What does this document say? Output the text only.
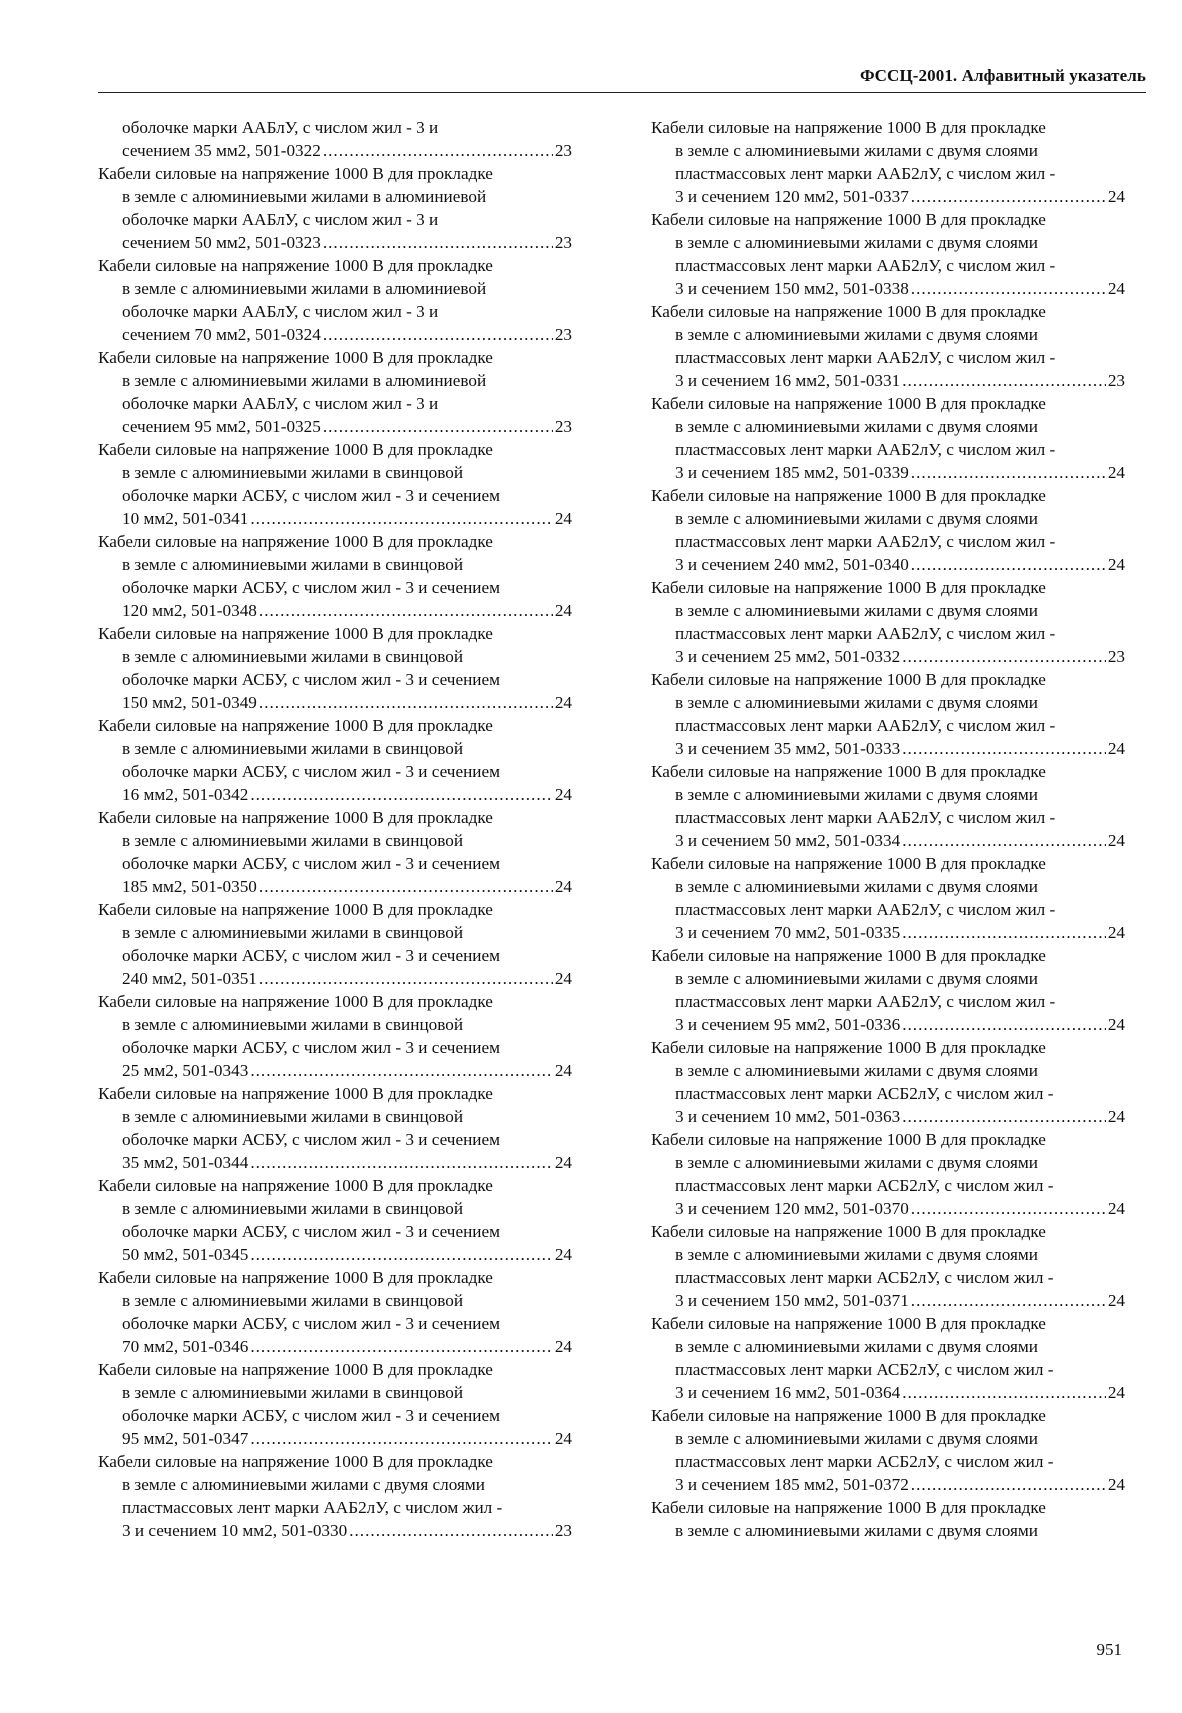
ФССЦ-2001. Алфавитный указатель
оболочке марки ААБлУ, с числом жил - 3 и
сечением 35 мм2, 501-0322 .....	23
Кабели силовые на напряжение 1000 В для прокладке
в земле с алюминиевыми жилами в алюминиевой
оболочке марки ААБлУ, с числом жил - 3 и
сечением 50 мм2, 501-0323 .....	23
Кабели силовые на напряжение 1000 В для прокладке
в земле с алюминиевыми жилами в алюминиевой
оболочке марки ААБлУ, с числом жил - 3 и
сечением 70 мм2, 501-0324 .....	23
Кабели силовые на напряжение 1000 В для прокладке
в земле с алюминиевыми жилами в алюминиевой
оболочке марки ААБлУ, с числом жил - 3 и
сечением 95 мм2, 501-0325 .....	23
Кабели силовые на напряжение 1000 В для прокладке
в земле с алюминиевыми жилами в свинцовой
оболочке марки АСБУ, с числом жил - 3 и сечением
10 мм2, 501-0341 .....	24
Кабели силовые на напряжение 1000 В для прокладке
в земле с алюминиевыми жилами в свинцовой
оболочке марки АСБУ, с числом жил - 3 и сечением
120 мм2, 501-0348 .....	24
Кабели силовые на напряжение 1000 В для прокладке
в земле с алюминиевыми жилами в свинцовой
оболочке марки АСБУ, с числом жил - 3 и сечением
150 мм2, 501-0349 .....	24
Кабели силовые на напряжение 1000 В для прокладке
в земле с алюминиевыми жилами в свинцовой
оболочке марки АСБУ, с числом жил - 3 и сечением
16 мм2, 501-0342 .....	24
Кабели силовые на напряжение 1000 В для прокладке
в земле с алюминиевыми жилами в свинцовой
оболочке марки АСБУ, с числом жил - 3 и сечением
185 мм2, 501-0350 .....	24
Кабели силовые на напряжение 1000 В для прокладке
в земле с алюминиевыми жилами в свинцовой
оболочке марки АСБУ, с числом жил - 3 и сечением
240 мм2, 501-0351 .....	24
Кабели силовые на напряжение 1000 В для прокладке
в земле с алюминиевыми жилами в свинцовой
оболочке марки АСБУ, с числом жил - 3 и сечением
25 мм2, 501-0343 .....	24
Кабели силовые на напряжение 1000 В для прокладке
в земле с алюминиевыми жилами в свинцовой
оболочке марки АСБУ, с числом жил - 3 и сечением
35 мм2, 501-0344 .....	24
Кабели силовые на напряжение 1000 В для прокладке
в земле с алюминиевыми жилами в свинцовой
оболочке марки АСБУ, с числом жил - 3 и сечением
50 мм2, 501-0345 .....	24
Кабели силовые на напряжение 1000 В для прокладке
в земле с алюминиевыми жилами в свинцовой
оболочке марки АСБУ, с числом жил - 3 и сечением
70 мм2, 501-0346 .....	24
Кабели силовые на напряжение 1000 В для прокладке
в земле с алюминиевыми жилами в свинцовой
оболочке марки АСБУ, с числом жил - 3 и сечением
95 мм2, 501-0347 .....	24
Кабели силовые на напряжение 1000 В для прокладке
в земле с алюминиевыми жилами с двумя слоями
пластмассовых лент марки ААБ2лУ, с числом жил -
3 и сечением 10 мм2, 501-0330 .....	23
Кабели силовые на напряжение 1000 В для прокладке
в земле с алюминиевыми жилами с двумя слоями
пластмассовых лент марки ААБ2лУ, с числом жил -
3 и сечением 120 мм2, 501-0337 .....	24
Кабели силовые на напряжение 1000 В для прокладке
в земле с алюминиевыми жилами с двумя слоями
пластмассовых лент марки ААБ2лУ, с числом жил -
3 и сечением 150 мм2, 501-0338 .....	24
Кабели силовые на напряжение 1000 В для прокладке
в земле с алюминиевыми жилами с двумя слоями
пластмассовых лент марки ААБ2лУ, с числом жил -
3 и сечением 16 мм2, 501-0331 .....	23
Кабели силовые на напряжение 1000 В для прокладке
в земле с алюминиевыми жилами с двумя слоями
пластмассовых лент марки ААБ2лУ, с числом жил -
3 и сечением 185 мм2, 501-0339 .....	24
Кабели силовые на напряжение 1000 В для прокладке
в земле с алюминиевыми жилами с двумя слоями
пластмассовых лент марки ААБ2лУ, с числом жил -
3 и сечением 240 мм2, 501-0340 .....	24
Кабели силовые на напряжение 1000 В для прокладке
в земле с алюминиевыми жилами с двумя слоями
пластмассовых лент марки ААБ2лУ, с числом жил -
3 и сечением 25 мм2, 501-0332 .....	23
Кабели силовые на напряжение 1000 В для прокладке
в земле с алюминиевыми жилами с двумя слоями
пластмассовых лент марки ААБ2лУ, с числом жил -
3 и сечением 35 мм2, 501-0333 .....	24
Кабели силовые на напряжение 1000 В для прокладке
в земле с алюминиевыми жилами с двумя слоями
пластмассовых лент марки ААБ2лУ, с числом жил -
3 и сечением 50 мм2, 501-0334 .....	24
Кабели силовые на напряжение 1000 В для прокладке
в земле с алюминиевыми жилами с двумя слоями
пластмассовых лент марки ААБ2лУ, с числом жил -
3 и сечением 70 мм2, 501-0335 .....	24
Кабели силовые на напряжение 1000 В для прокладке
в земле с алюминиевыми жилами с двумя слоями
пластмассовых лент марки ААБ2лУ, с числом жил -
3 и сечением 95 мм2, 501-0336 .....	24
Кабели силовые на напряжение 1000 В для прокладке
в земле с алюминиевыми жилами с двумя слоями
пластмассовых лент марки АСБ2лУ, с числом жил -
3 и сечением 10 мм2, 501-0363 .....	24
Кабели силовые на напряжение 1000 В для прокладке
в земле с алюминиевыми жилами с двумя слоями
пластмассовых лент марки АСБ2лУ, с числом жил -
3 и сечением 120 мм2, 501-0370 .....	24
Кабели силовые на напряжение 1000 В для прокладке
в земле с алюминиевыми жилами с двумя слоями
пластмассовых лент марки АСБ2лУ, с числом жил -
3 и сечением 150 мм2, 501-0371 .....	24
Кабели силовые на напряжение 1000 В для прокладке
в земле с алюминиевыми жилами с двумя слоями
пластмассовых лент марки АСБ2лУ, с числом жил -
3 и сечением 16 мм2, 501-0364 .....	24
Кабели силовые на напряжение 1000 В для прокладке
в земле с алюминиевыми жилами с двумя слоями
пластмассовых лент марки АСБ2лУ, с числом жил -
3 и сечением 185 мм2, 501-0372 .....	24
Кабели силовые на напряжение 1000 В для прокладке
в земле с алюминиевыми жилами с двумя слоями
951
